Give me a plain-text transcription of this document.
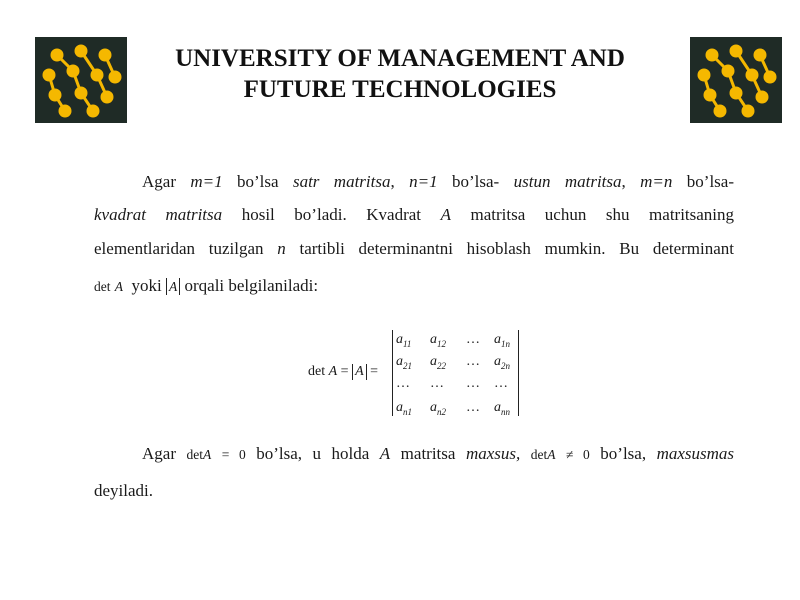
UNIVERSITY OF MANAGEMENT AND
FUTURE TECHNOLOGIES
Agar m=1 bo’lsa satr matritsa, n=1 bo’lsa- ustun matritsa, m=n bo’lsa-
kvadrat matritsa hosil bo’ladi. Kvadrat A matritsa uchun shu matritsaning
elementlaridan tuzilgan n tartibli determinantni hisoblash mumkin. Bu determinant
det A yoki A orqali belgilaniladi:
det A = A =
$a_{11}$ $a_{12}$ … $a_{1n}$
$a_{21}$ $a_{22}$ … $a_{2n}$
… … … …
$a_{n1}$ $a_{n2}$ … $a_{nn}$
Agar detA = 0 bo’lsa, u holda A matritsa maxsus, detA ≠ 0 bo’lsa, maxsusmas
deyiladi.
